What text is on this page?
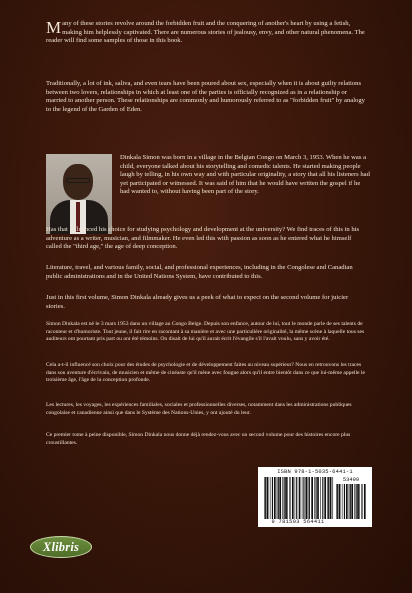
Many of these stories revolve around the forbidden fruit and the conquering of another's heart by using a fetish, making him helplessly captivated. There are numerous stories of jealousy, envy, and other natural phenomena. The reader will find some samples of those in this book.

Traditionally, a lot of ink, saliva, and even tears have been poured about sex, especially when it is about guilty relations between two lovers, relationships in which at least one of the parties is officially recognized as in a relationship or married to another person. These relationships are commonly and humorously referred to as "forbidden fruit" by analogy to the legend of the Garden of Eden.

Dinkala Simon was born in a village in the Belgian Congo on March 3, 1953. When he was a child, everyone talked about his storytelling and comedic talents. He started making people laugh by telling, in his own way and with particular originality, a story that all his listeners had yet participated or witnessed. It was said of him that he would have written the gospel if he had wanted to, without having been part of the story.

Has that influenced his choice for studying psychology and development at the university? We find traces of this in his adventure as a writer, musician, and filmmaker. He even led this with passion as soon as he entered what he himself called the "third age," the age of deep conception.

Literature, travel, and various family, social, and professional experiences, including in the Congolese and Canadian public administrations and in the United Nations System, have contributed to this.

Just in this first volume, Simon Dinkala already gives us a peek of what to expect on the second volume for juicier stories.

Simon Dinkala est né le 3 mars 1953 dans un village au Congo Belge. Depuis son enfance, autour de lui, tout le monde parle de ses talents de raconteur et d'humoriste. Tout jeune, il fait rire en racontant à sa manière et avec une particulière originalité, la même scène à laquelle tous ses auditeurs ont pourtant pris part ou ont été témoins. On disait de lui qu'il aurait écrit l'évangile s'il l'avait voulu, sans y avoir été.

Cela a-t-il influencé son choix pour des études de psychologie et de développement faites au niveau supérieur? Nous en retrouvons les traces dans son aventure d'écrivain, de musicien et même de cinéaste qu'il mène avec fougue alors qu'il entre bientôt dans ce que lui-même appelle le troisième âge, l'âge de la conception profonde.

Les lectures, les voyages, les expériences familiales, sociales et professionnelles diverses, notamment dans les administrations publiques congolaise et canadienne ainsi que dans le Système des Nations-Unies, y ont ajouté du leur.

Ce premier tome à peine disponible, Simon Dinkala nous donne déjà rendez-vous avec un second volume pour des histoires encore plus croustillantes.

ISBN 978-1-5035-6441-1
53499
9 781503 564411
Xlibris
